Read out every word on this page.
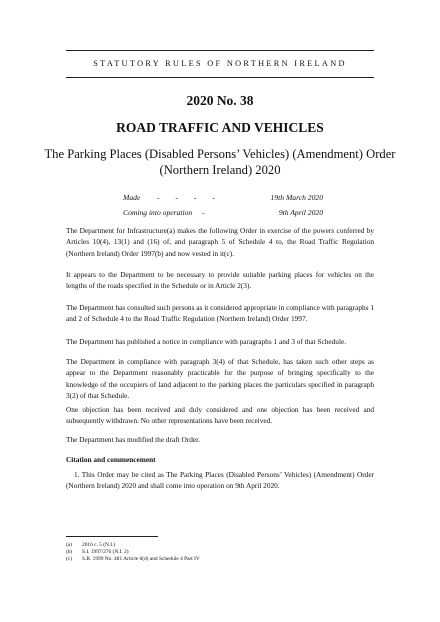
STATUTORY RULES OF NORTHERN IRELAND
2020 No. 38
ROAD TRAFFIC AND VEHICLES
The Parking Places (Disabled Persons’ Vehicles) (Amendment) Order (Northern Ireland) 2020
Made - - - -	19th March 2020
Coming into operation -	9th April 2020

The Department for Infrastructure(a) makes the following Order in exercise of the powers conferred by Articles 10(4), 13(1) and (16) of, and paragraph 5 of Schedule 4 to, the Road Traffic Regulation (Northern Ireland) Order 1997(b) and now vested in it(c).

It appears to the Department to be necessary to provide suitable parking places for vehicles on the lengths of the roads specified in the Schedule or in Article 2(3).

The Department has consulted such persons as it considered appropriate in compliance with paragraphs 1 and 2 of Schedule 4 to the Road Traffic Regulation (Northern Ireland) Order 1997.

The Department has published a notice in compliance with paragraphs 1 and 3 of that Schedule.

The Department in compliance with paragraph 3(4) of that Schedule, has taken such other steps as appear to the Department reasonably practicable for the purpose of bringing specifically to the knowledge of the occupiers of land adjacent to the parking places the particulars specified in paragraph 3(2) of that Schedule.

One objection has been received and duly considered and one objection has been received and subsequently withdrawn. No other representations have been received.

The Department has modified the draft Order.

Citation and commencement

1. This Order may be cited as The Parking Places (Disabled Persons’ Vehicles) (Amendment) Order (Northern Ireland) 2020 and shall come into operation on 9th April 2020.

(a) 2016 c. 5 (N.I.)
(b) S.I. 1997/276 (N.I. 2)
(c) S.R. 1999 No. 481 Article 6(d) and Schedule 4 Part IV
